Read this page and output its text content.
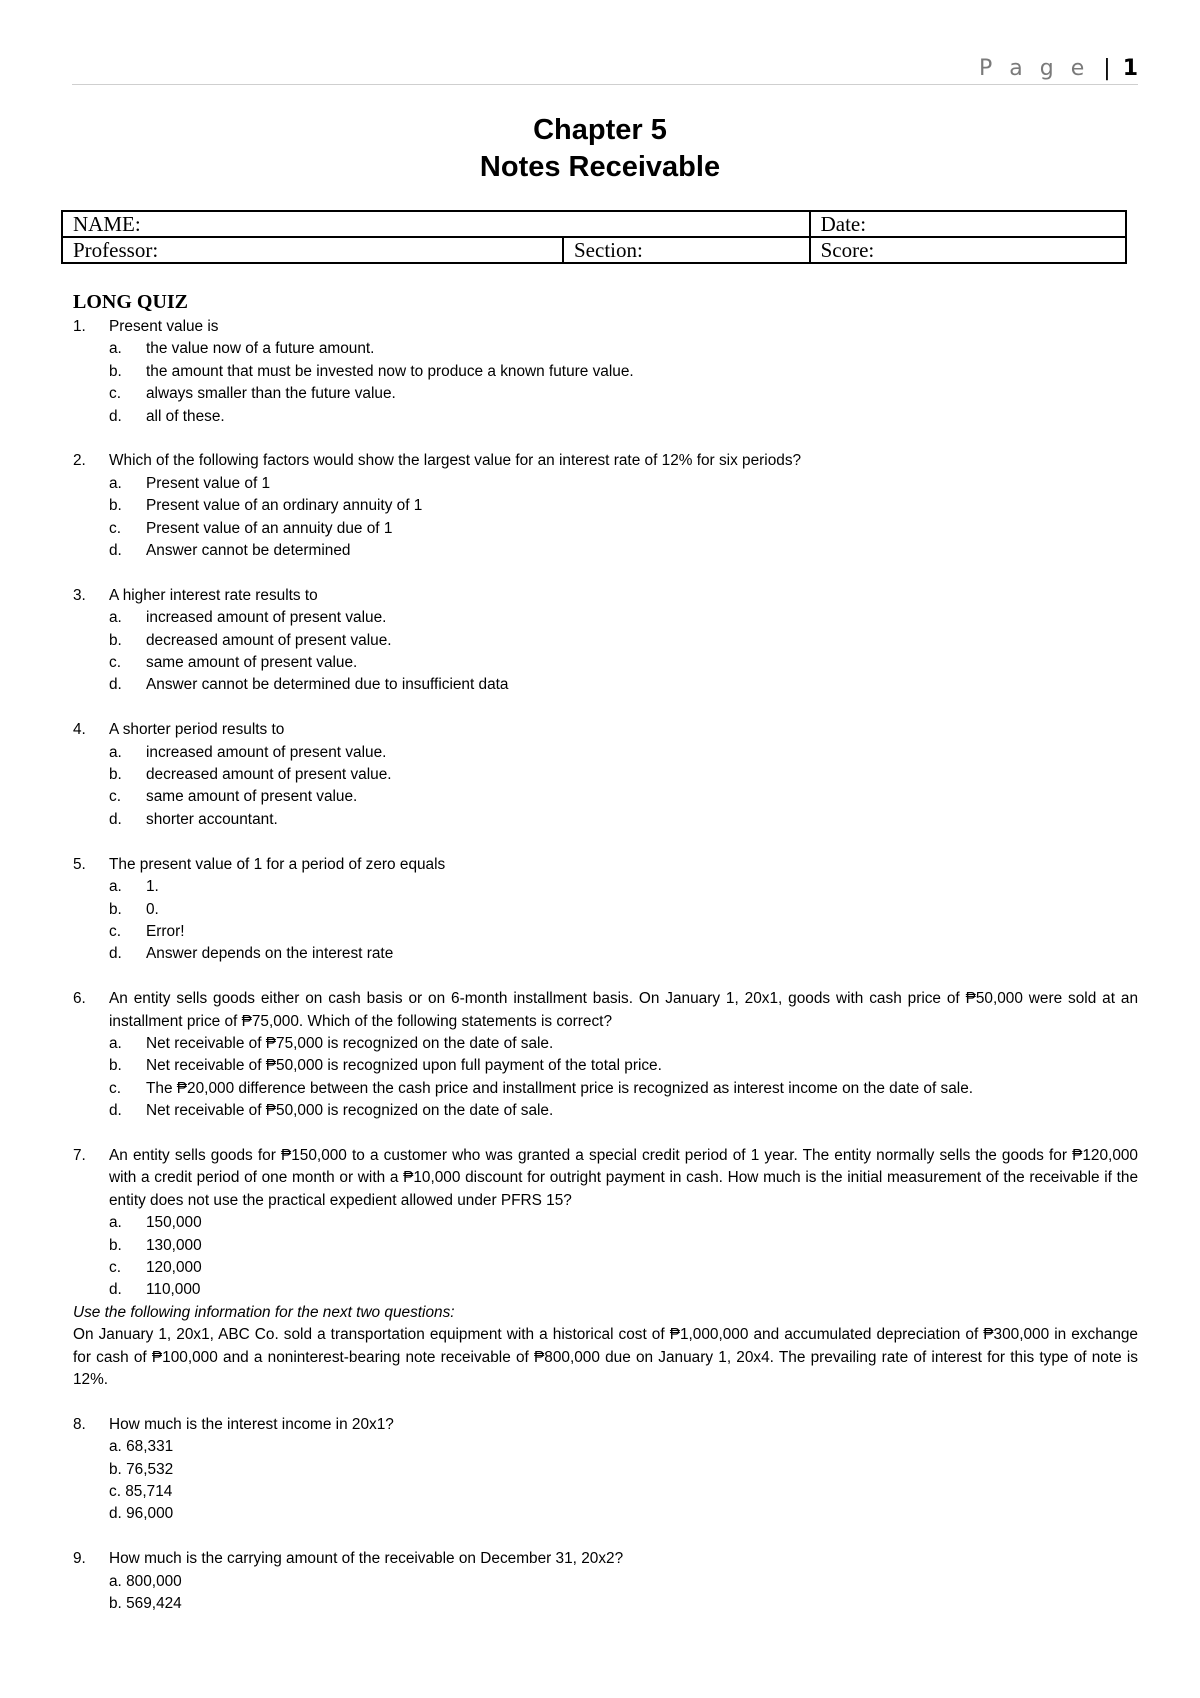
P a g e | 1
Chapter 5
Notes Receivable
NAME:		Date:
Professor:	Section:	Score:
LONG QUIZ
1.	Present value is
a.	the value now of a future amount.
b.	the amount that must be invested now to produce a known future value.
c.	always smaller than the future value.
d.	all of these.
2.	Which of the following factors would show the largest value for an interest rate of 12% for six periods?
a.	Present value of 1
b.	Present value of an ordinary annuity of 1
c.	Present value of an annuity due of 1
d.	Answer cannot be determined
3.	A higher interest rate results to
a.	increased amount of present value.
b.	decreased amount of present value.
c.	same amount of present value.
d.	Answer cannot be determined due to insufficient data
4.	A shorter period results to
a.	increased amount of present value.
b.	decreased amount of present value.
c.	same amount of present value.
d.	shorter accountant.
5.	The present value of 1 for a period of zero equals
a.	1.
b.	0.
c.	Error!
d.	Answer depends on the interest rate
6.	An entity sells goods either on cash basis or on 6-month installment basis. On January 1, 20x1, goods with cash price of ₱50,000 were sold at an installment price of ₱75,000. Which of the following statements is correct?
a.	Net receivable of ₱75,000 is recognized on the date of sale.
b.	Net receivable of ₱50,000 is recognized upon full payment of the total price.
c.	The ₱20,000 difference between the cash price and installment price is recognized as interest income on the date of sale.
d.	Net receivable of ₱50,000 is recognized on the date of sale.
7.	An entity sells goods for ₱150,000 to a customer who was granted a special credit period of 1 year. The entity normally sells the goods for ₱120,000 with a credit period of one month or with a ₱10,000 discount for outright payment in cash. How much is the initial measurement of the receivable if the entity does not use the practical expedient allowed under PFRS 15?
a.	150,000
b.	130,000
c.	120,000
d.	110,000
Use the following information for the next two questions:
On January 1, 20x1, ABC Co. sold a transportation equipment with a historical cost of ₱1,000,000 and accumulated depreciation of ₱300,000 in exchange for cash of ₱100,000 and a noninterest-bearing note receivable of ₱800,000 due on January 1, 20x4. The prevailing rate of interest for this type of note is 12%.
8.	How much is the interest income in 20x1?
a. 68,331
b. 76,532
c. 85,714
d. 96,000
9.	How much is the carrying amount of the receivable on December 31, 20x2?
a. 800,000
b. 569,424
